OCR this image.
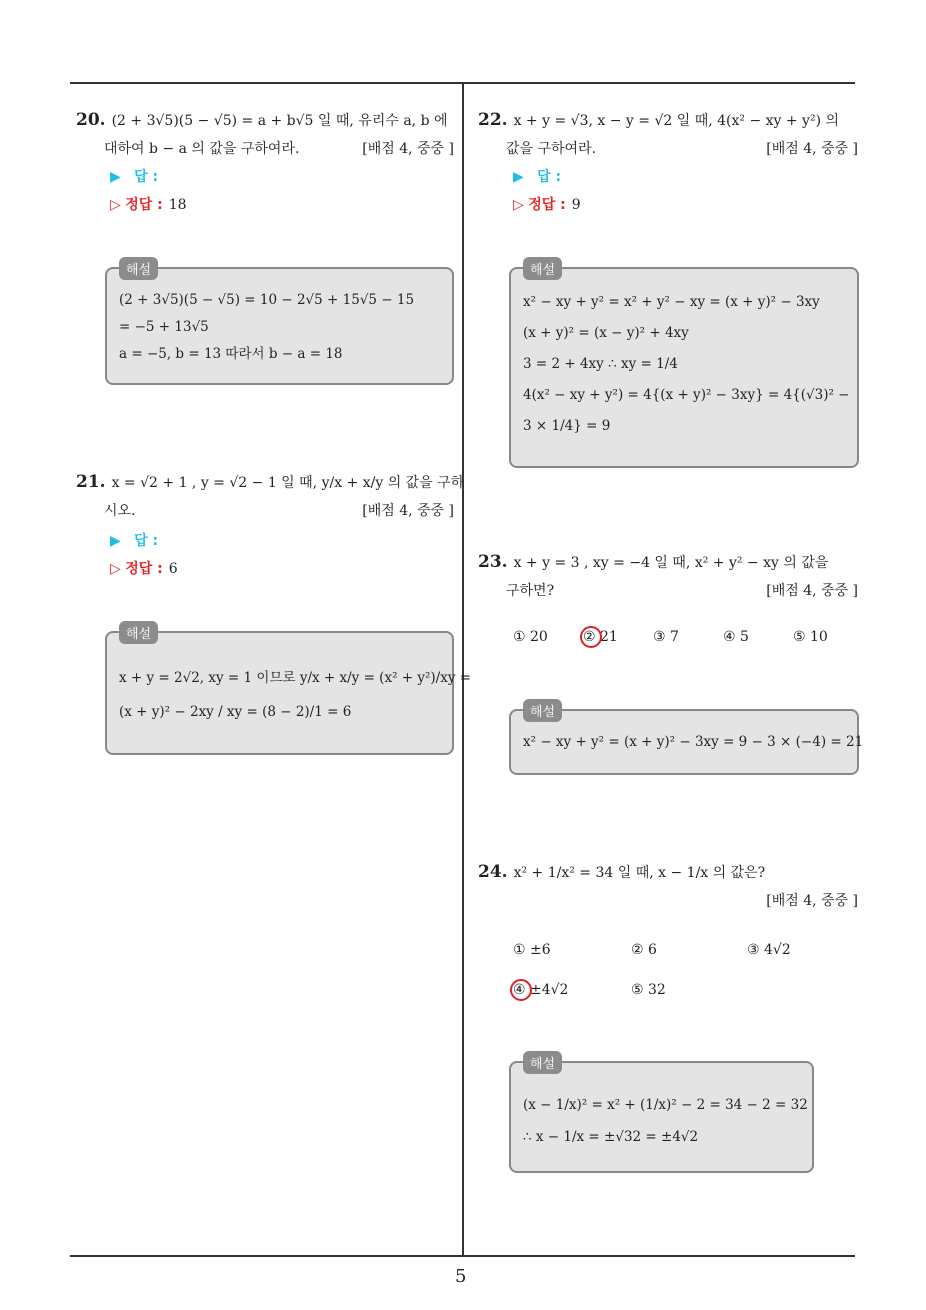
20. (2 + 3√5)(5 − √5) = a + b√5 일 때, 유리수 a, b 에
대하여 b − a 의 값을 구하여라.	[배점 4, 중중 ]
▶ 답 :
▷ 정답 : 18
해설
(2 + 3√5)(5 − √5) = 10 − 2√5 + 15√5 − 15
= −5 + 13√5
a = −5, b = 13 따라서 b − a = 18
21. x = √2 + 1 , y = √2 − 1 일 때, y/x + x/y 의 값을 구하
시오.	[배점 4, 중중 ]
▶ 답 :
▷ 정답 : 6
해설
x + y = 2√2, xy = 1 이므로 y/x + x/y = (x² + y²)/xy =
(x + y)² − 2xy / xy = (8 − 2)/1 = 6
22. x + y = √3, x − y = √2 일 때, 4(x² − xy + y²) 의
값을 구하여라.	[배점 4, 중중 ]
▶ 답 :
▷ 정답 : 9
해설
x² − xy + y² = x² + y² − xy = (x + y)² − 3xy
(x + y)² = (x − y)² + 4xy
3 = 2 + 4xy ∴ xy = 1/4
4(x² − xy + y²) = 4{(x + y)² − 3xy} = 4{(√3)² −
3 × 1/4} = 9
23. x + y = 3 , xy = −4 일 때, x² + y² − xy 의 값을
구하면?	[배점 4, 중중 ]
① 20	② 21	③ 7	④ 5	⑤ 10
해설
x² − xy + y² = (x + y)² − 3xy = 9 − 3 × (−4) = 21
24. x² + 1/x² = 34 일 때, x − 1/x 의 값은?
[배점 4, 중중 ]

① ±6	② 6	③ 4√2
④ ±4√2	⑤ 32
해설
(x − 1/x)² = x² + (1/x)² − 2 = 34 − 2 = 32
∴ x − 1/x = ±√32 = ±4√2
5
